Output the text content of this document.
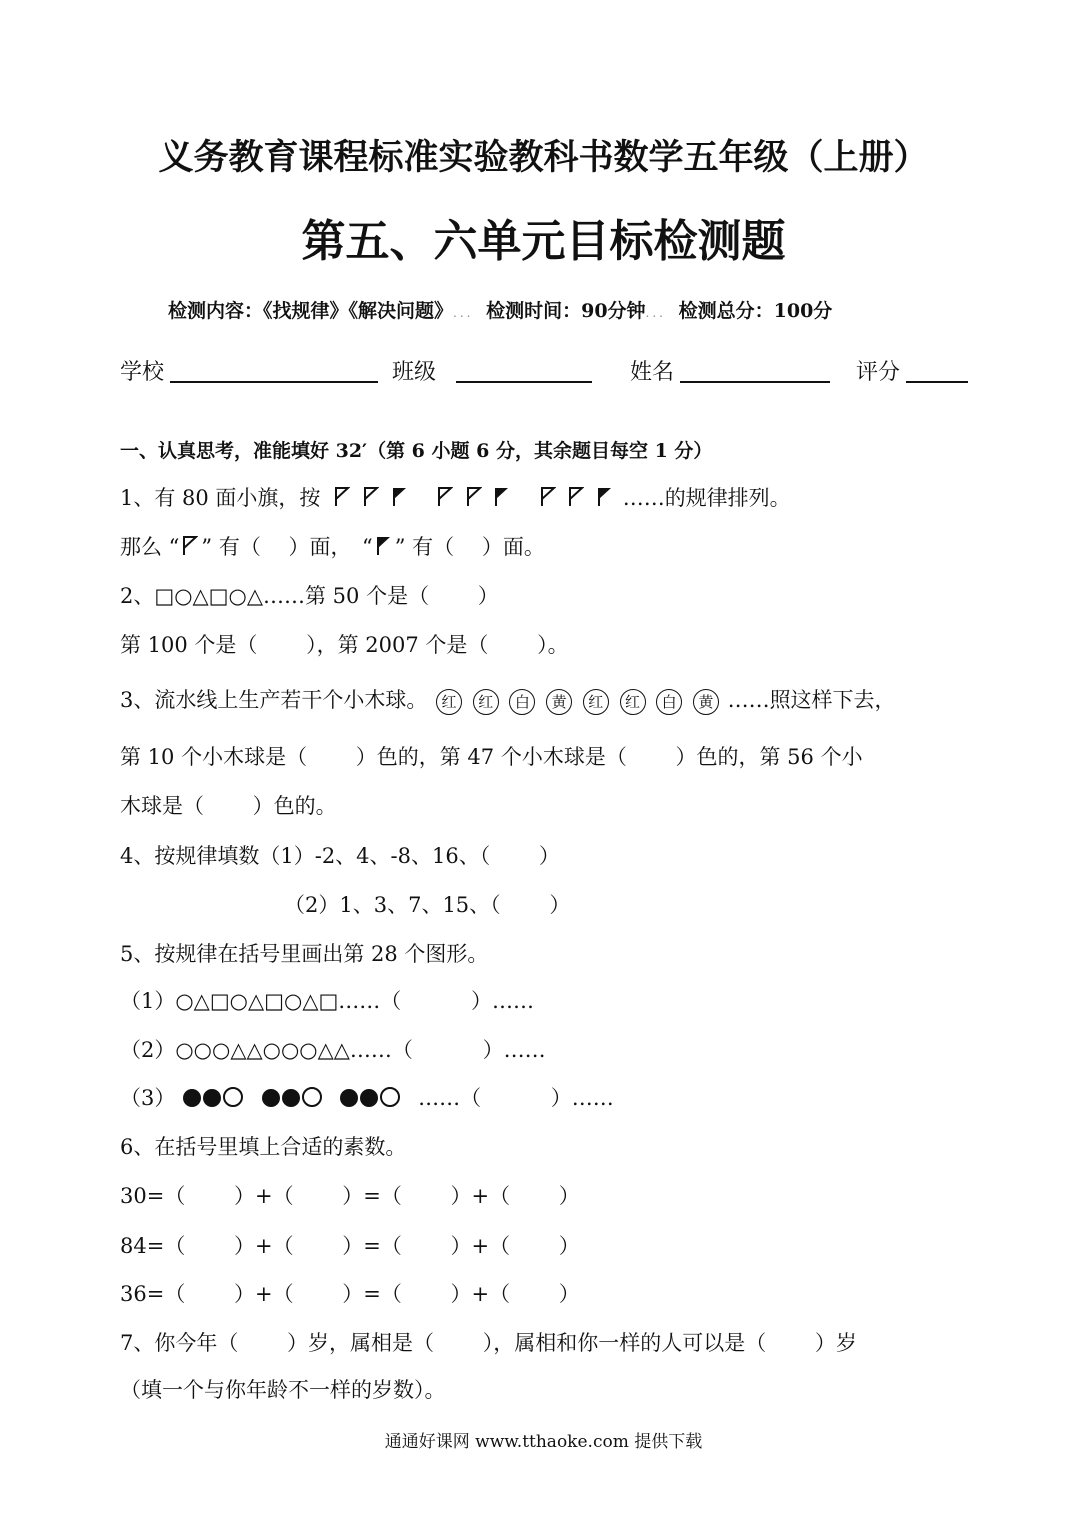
义务教育课程标准实验教科书数学五年级（上册）
第五、六单元目标检测题
检测内容：《找规律》《解决问题》... 检测时间：90分钟... 检测总分：100分
学校	班级	姓名	评分
一、认真思考，准能填好 32′（第 6 小题 6 分，其余题目每空 1 分）
1、有 80 面小旗，按	……的规律排列。
那么 “ ” 有（　 ）面，　“ ” 有（　 ）面。
2、□○△□○△……第 50 个是（　　 ）
第 100 个是（　　 ），第 2007 个是（　　 ）。
3、流水线上生产若干个小木球。 红 红 白 黄 红 红 白 黄 ……照这样下去，
第 10 个小木球是（　　 ）色的，第 47 个小木球是（　　 ）色的，第 56 个小
木球是（　　 ）色的。
4、按规律填数（1）-2、4、-8、16、（　　 ）
（2）1、3、7、15、（　　 ）
5、按规律在括号里画出第 28 个图形。
（1）○△□○△□○△□……（　　　 ）……
（2）○○○△△○○○△△……（　　　 ）……
（3）	……（　　　 ）……
6、在括号里填上合适的素数。
30=（　　 ）+（　　 ）=（　　 ）+（　　 ）
84=（　　 ）+（　　 ）=（　　 ）+（　　 ）
36=（　　 ）+（　　 ）=（　　 ）+（　　 ）
7、你今年（　　 ）岁，属相是（　　 ），属相和你一样的人可以是（　　 ）岁
（填一个与你年龄不一样的岁数）。
通通好课网 www.tthaoke.com 提供下载
